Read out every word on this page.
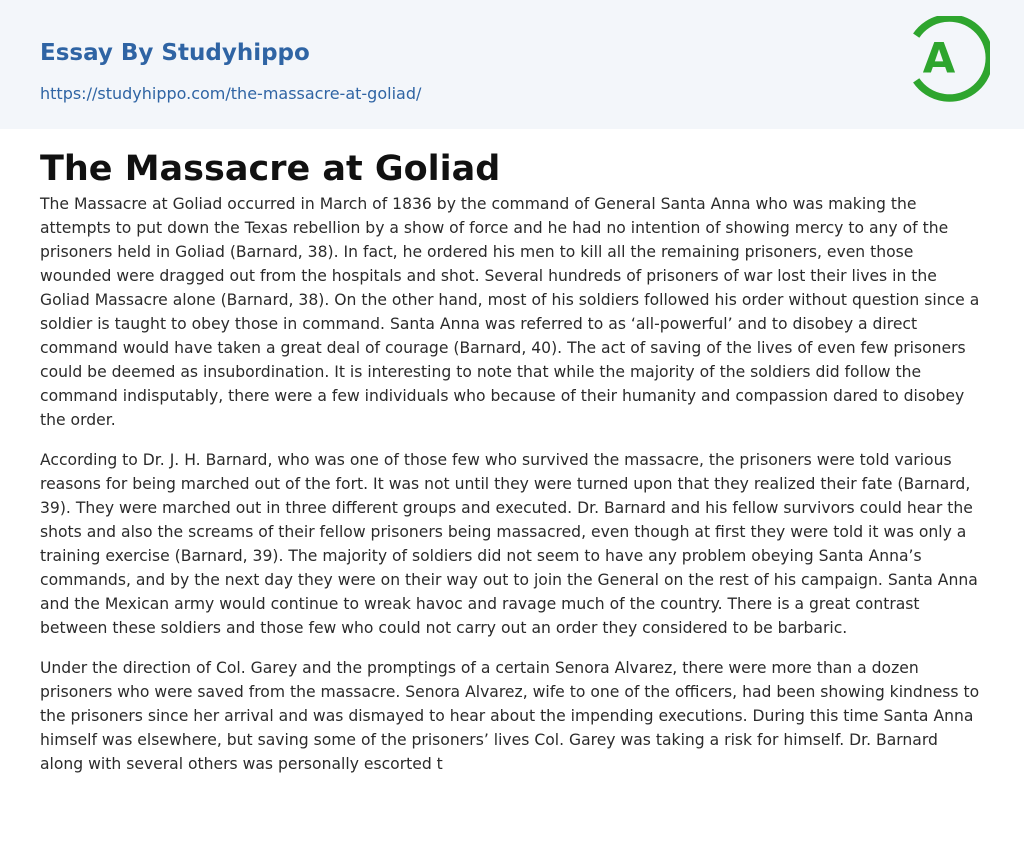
Essay By Studyhippo
https://studyhippo.com/the-massacre-at-goliad/
A
The Massacre at Goliad

The Massacre at Goliad occurred in March of 1836 by the command of General Santa Anna who was making the attempts to put down the Texas rebellion by a show of force and he had no intention of showing mercy to any of the prisoners held in Goliad (Barnard, 38). In fact, he ordered his men to kill all the remaining prisoners, even those wounded were dragged out from the hospitals and shot. Several hundreds of prisoners of war lost their lives in the Goliad Massacre alone (Barnard, 38). On the other hand, most of his soldiers followed his order without question since a soldier is taught to obey those in command. Santa Anna was referred to as ‘all-powerful’ and to disobey a direct command would have taken a great deal of courage (Barnard, 40). The act of saving of the lives of even few prisoners could be deemed as insubordination. It is interesting to note that while the majority of the soldiers did follow the command indisputably, there were a few individuals who because of their humanity and compassion dared to disobey the order.

According to Dr. J. H. Barnard, who was one of those few who survived the massacre, the prisoners were told various reasons for being marched out of the fort. It was not until they were turned upon that they realized their fate (Barnard, 39). They were marched out in three different groups and executed. Dr. Barnard and his fellow survivors could hear the shots and also the screams of their fellow prisoners being massacred, even though at first they were told it was only a training exercise (Barnard, 39). The majority of soldiers did not seem to have any problem obeying Santa Anna’s commands, and by the next day they were on their way out to join the General on the rest of his campaign. Santa Anna and the Mexican army would continue to wreak havoc and ravage much of the country. There is a great contrast between these soldiers and those few who could not carry out an order they considered to be barbaric.

Under the direction of Col. Garey and the promptings of a certain Senora Alvarez, there were more than a dozen prisoners who were saved from the massacre. Senora Alvarez, wife to one of the officers, had been showing kindness to the prisoners since her arrival and was dismayed to hear about the impending executions. During this time Santa Anna himself was elsewhere, but saving some of the prisoners’ lives Col. Garey was taking a risk for himself. Dr. Barnard along with several others was personally escorted t
